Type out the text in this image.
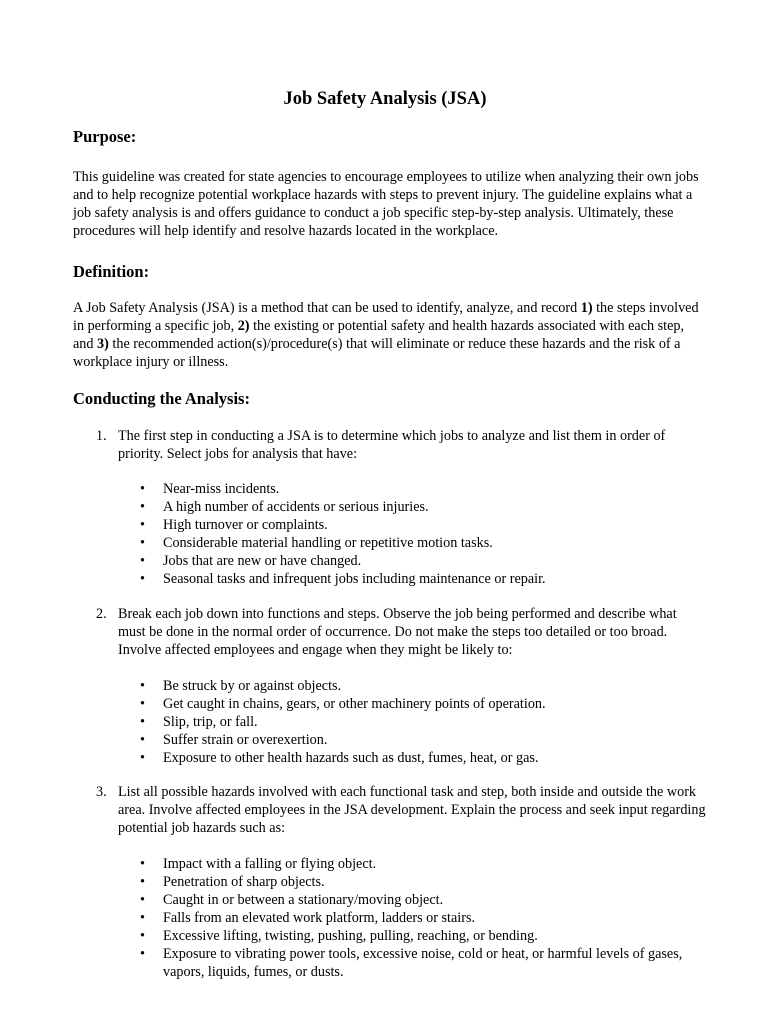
Job Safety Analysis (JSA)
Purpose:

This guideline was created for state agencies to encourage employees to utilize when analyzing their own jobs and to help recognize potential workplace hazards with steps to prevent injury. The guideline explains what a job safety analysis is and offers guidance to conduct a job specific step-by-step analysis. Ultimately, these procedures will help identify and resolve hazards located in the workplace.

Definition:

A Job Safety Analysis (JSA) is a method that can be used to identify, analyze, and record 1) the steps involved in performing a specific job, 2) the existing or potential safety and health hazards associated with each step, and 3) the recommended action(s)/procedure(s) that will eliminate or reduce these hazards and the risk of a workplace injury or illness.

Conducting the Analysis:
1. The first step in conducting a JSA is to determine which jobs to analyze and list them in order of priority. Select jobs for analysis that have:
• Near-miss incidents.
• A high number of accidents or serious injuries.
• High turnover or complaints.
• Considerable material handling or repetitive motion tasks.
• Jobs that are new or have changed.
• Seasonal tasks and infrequent jobs including maintenance or repair.
2. Break each job down into functions and steps. Observe the job being performed and describe what must be done in the normal order of occurrence. Do not make the steps too detailed or too broad. Involve affected employees and engage when they might be likely to:
• Be struck by or against objects.
• Get caught in chains, gears, or other machinery points of operation.
• Slip, trip, or fall.
• Suffer strain or overexertion.
• Exposure to other health hazards such as dust, fumes, heat, or gas.
3. List all possible hazards involved with each functional task and step, both inside and outside the work area. Involve affected employees in the JSA development. Explain the process and seek input regarding potential job hazards such as:
• Impact with a falling or flying object.
• Penetration of sharp objects.
• Caught in or between a stationary/moving object.
• Falls from an elevated work platform, ladders or stairs.
• Excessive lifting, twisting, pushing, pulling, reaching, or bending.
• Exposure to vibrating power tools, excessive noise, cold or heat, or harmful levels of gases, vapors, liquids, fumes, or dusts.
